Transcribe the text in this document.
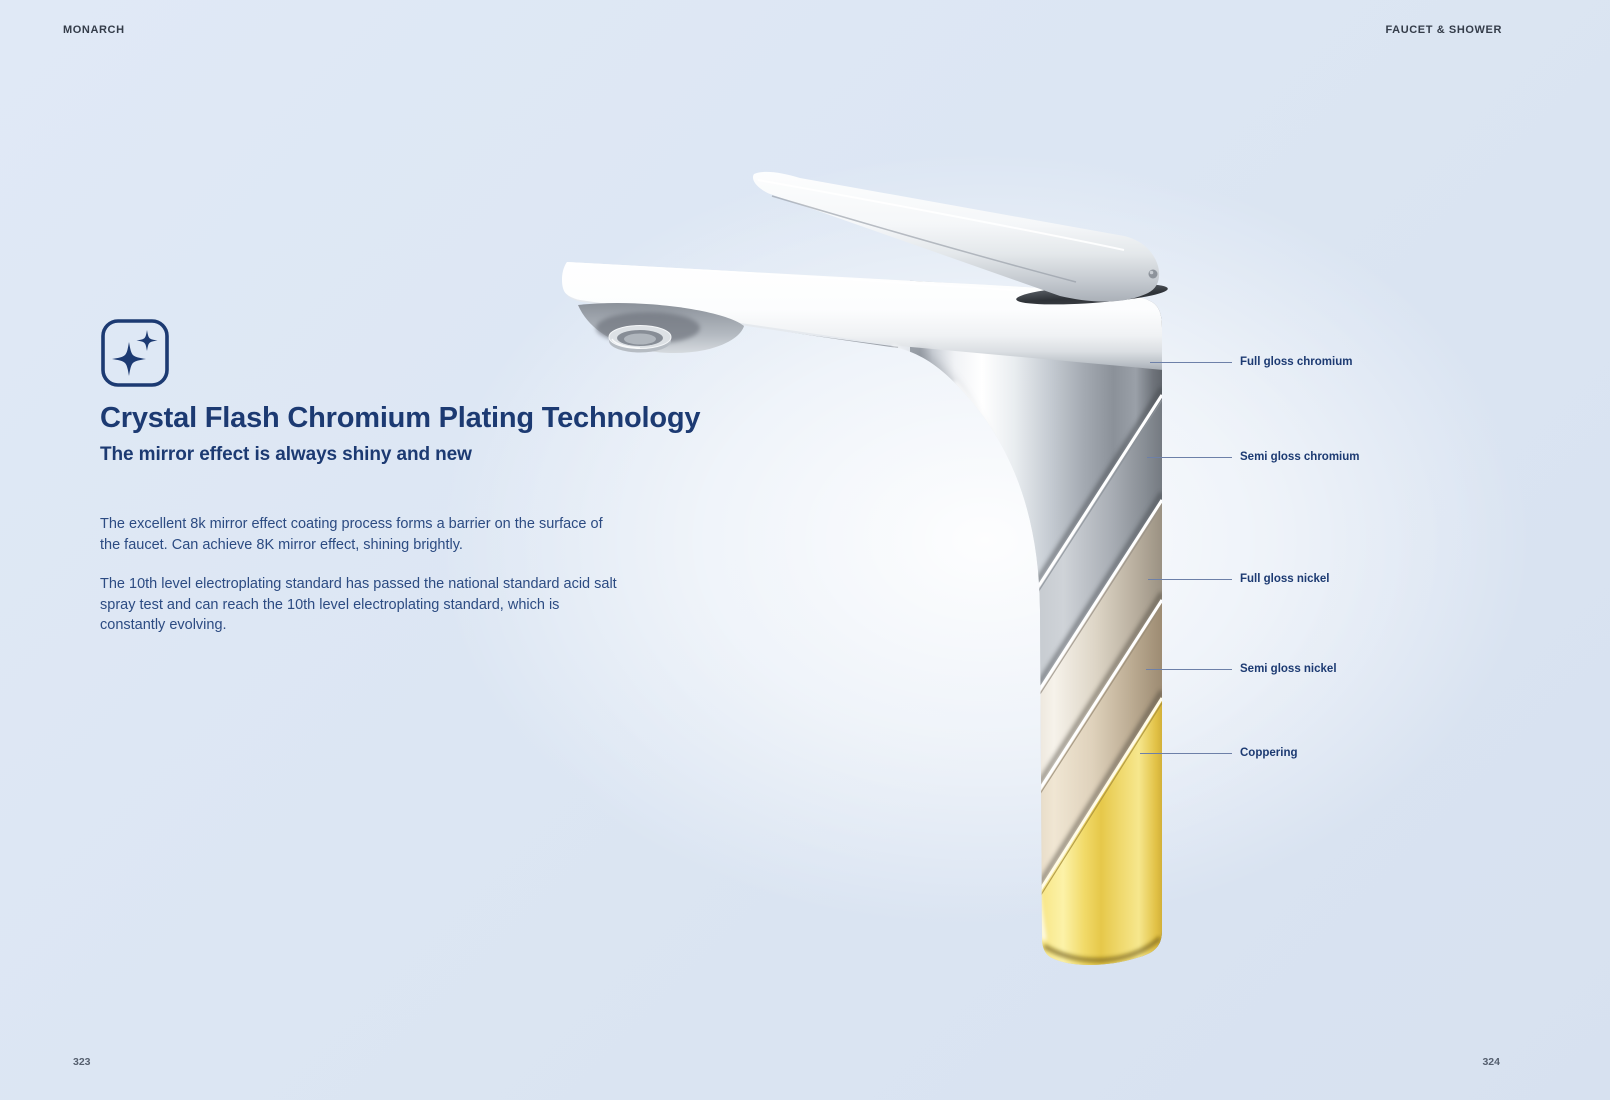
MONARCH	FAUCET & SHOWER
Crystal Flash Chromium Plating Technology
The mirror effect is always shiny and new

The excellent 8k mirror effect coating process forms a barrier on the surface of the faucet. Can achieve 8K mirror effect, shining brightly.

The 10th level electroplating standard has passed the national standard acid salt spray test and can reach the 10th level electroplating standard, which is constantly evolving.

Full gloss chromium
Semi gloss chromium
Full gloss nickel
Semi gloss nickel
Coppering
323	324
